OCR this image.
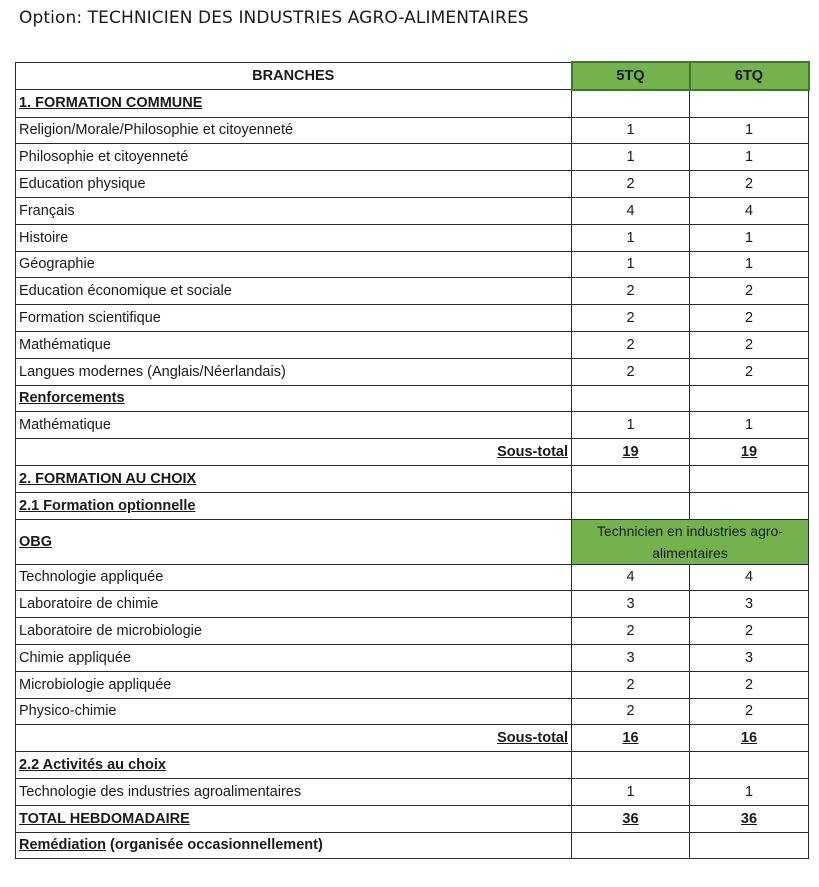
Option: TECHNICIEN DES INDUSTRIES AGRO-ALIMENTAIRES
BRANCHES	5TQ	6TQ
1. FORMATION COMMUNE		
Religion/Morale/Philosophie et citoyenneté	1	1
Philosophie et citoyenneté	1	1
Education physique	2	2
Français	4	4
Histoire	1	1
Géographie	1	1
Education économique et sociale	2	2
Formation scientifique	2	2
Mathématique	2	2
Langues modernes (Anglais/Néerlandais)	2	2
Renforcements		
Mathématique	1	1
Sous-total	19	19
2. FORMATION AU CHOIX		
2.1 Formation optionnelle		
OBG	Technicien en industries agro-alimentaires	
Technologie appliquée	4	4
Laboratoire de chimie	3	3
Laboratoire de microbiologie	2	2
Chimie appliquée	3	3
Microbiologie appliquée	2	2
Physico-chimie	2	2
Sous-total	16	16
2.2 Activités au choix		
Technologie des industries agroalimentaires	1	1
TOTAL HEBDOMADAIRE	36	36
Remédiation (organisée occasionnellement)		
